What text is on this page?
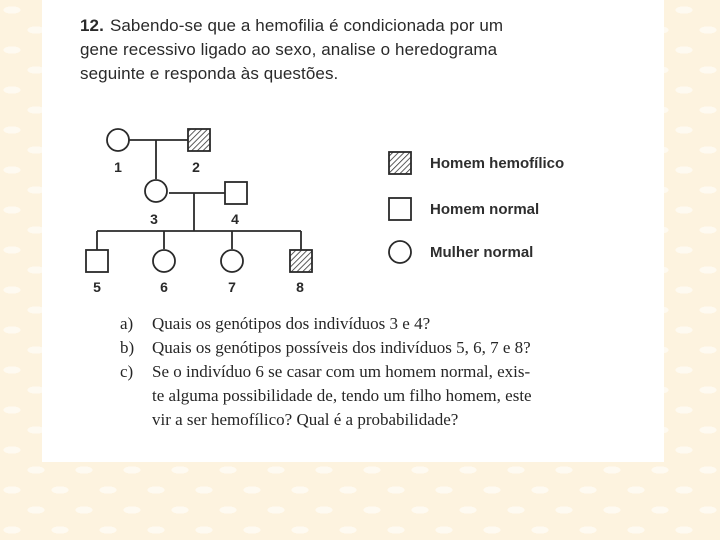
12. Sabendo-se que a hemofilia é condicionada por um
gene recessivo ligado ao sexo, analise o heredograma
seguinte e responda às questões.
1	2
3	4
5	6	7	8
Homem hemofílico
Homem normal
Mulher normal
a)	Quais os genótipos dos indivíduos 3 e 4?
b)	Quais os genótipos possíveis dos indivíduos 5, 6, 7 e 8?
c)	Se o indivíduo 6 se casar com um homem normal, exis-
te alguma possibilidade de, tendo um filho homem, este
vir a ser hemofílico? Qual é a probabilidade?
